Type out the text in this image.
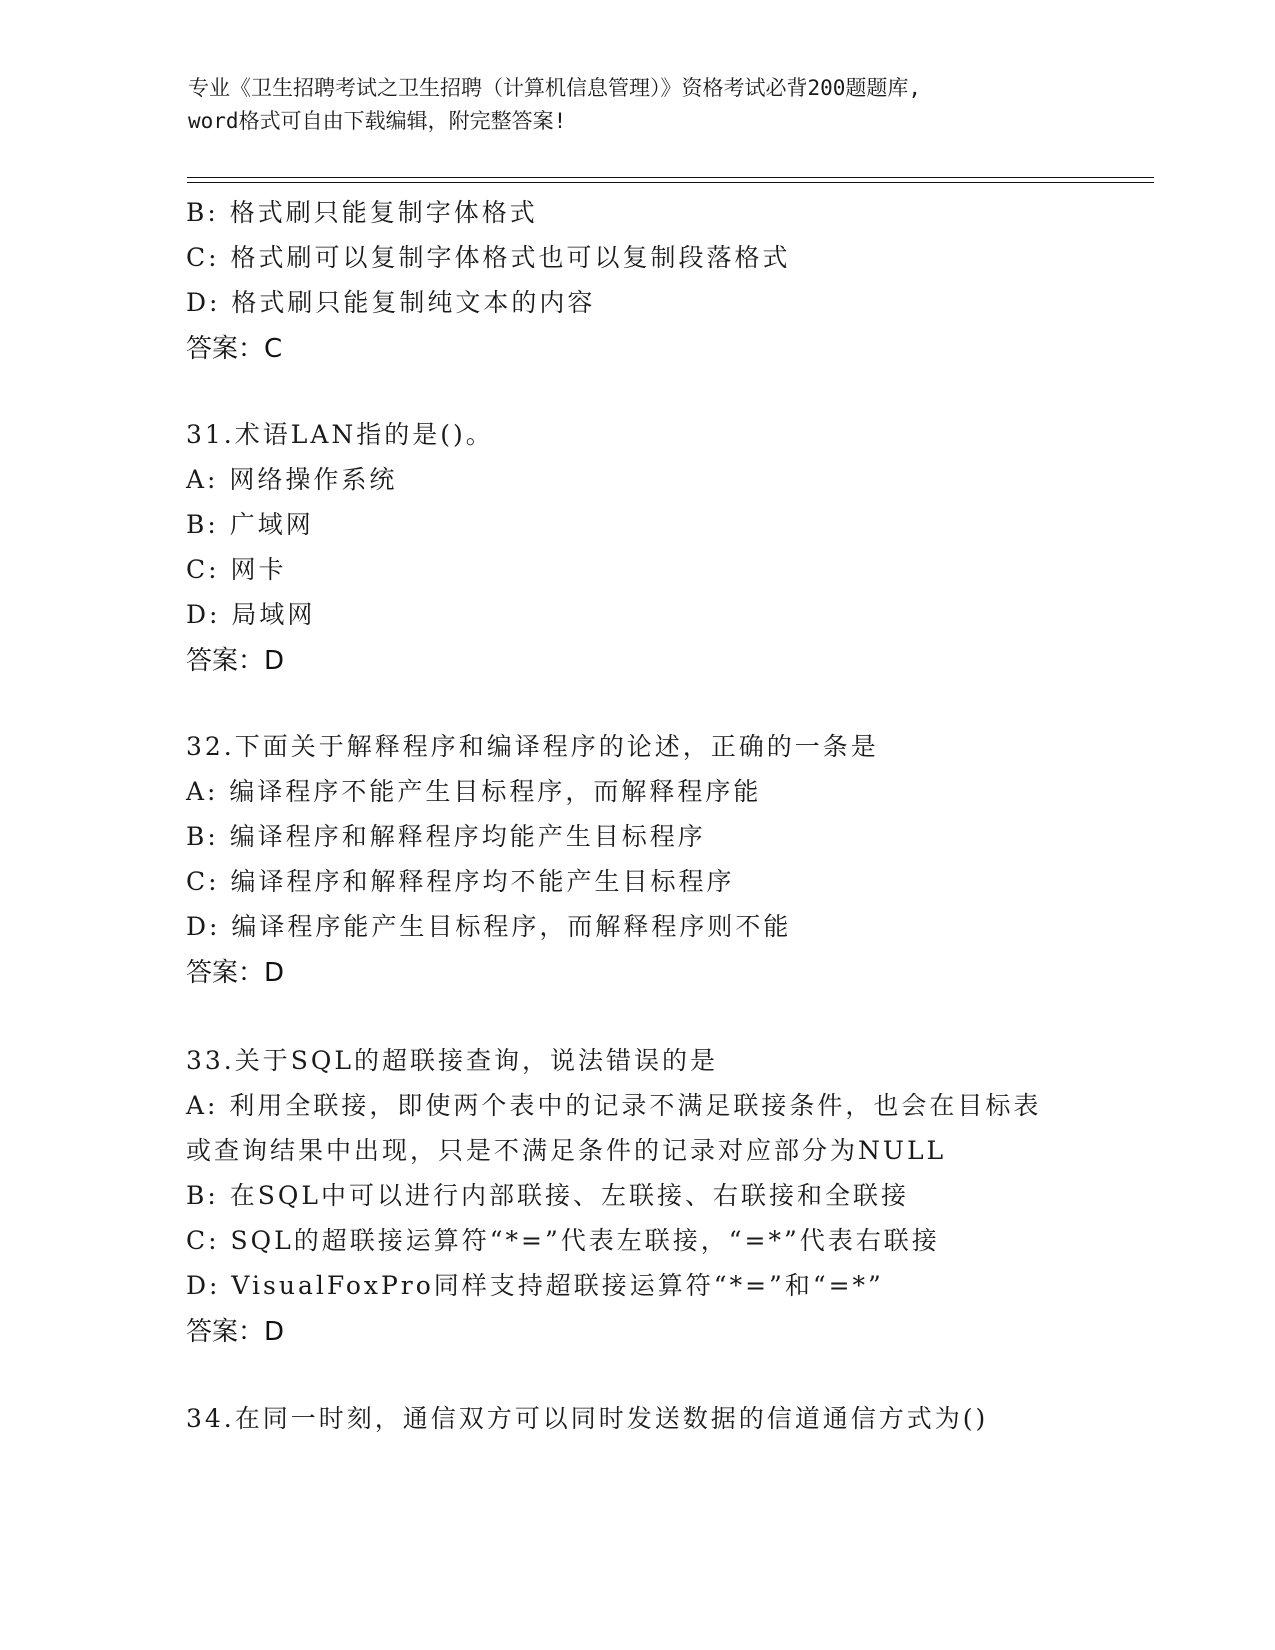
专业《卫生招聘考试之卫生招聘（计算机信息管理）》资格考试必背200题题库,
word格式可自由下载编辑，附完整答案!
B: 格式刷只能复制字体格式
C: 格式刷可以复制字体格式也可以复制段落格式
D: 格式刷只能复制纯文本的内容
答案：C
31.术语LAN指的是()。
A: 网络操作系统
B: 广域网
C: 网卡
D: 局域网
答案：D
32.下面关于解释程序和编译程序的论述，正确的一条是
A: 编译程序不能产生目标程序，而解释程序能
B: 编译程序和解释程序均能产生目标程序
C: 编译程序和解释程序均不能产生目标程序
D: 编译程序能产生目标程序，而解释程序则不能
答案：D
33.关于SQL的超联接查询，说法错误的是
A: 利用全联接，即使两个表中的记录不满足联接条件，也会在目标表
或查询结果中出现，只是不满足条件的记录对应部分为NULL
B: 在SQL中可以进行内部联接、左联接、右联接和全联接
C: SQL的超联接运算符“*=”代表左联接，“=*”代表右联接
D: VisualFoxPro同样支持超联接运算符“*=”和“=*”
答案：D
34.在同一时刻，通信双方可以同时发送数据的信道通信方式为()
